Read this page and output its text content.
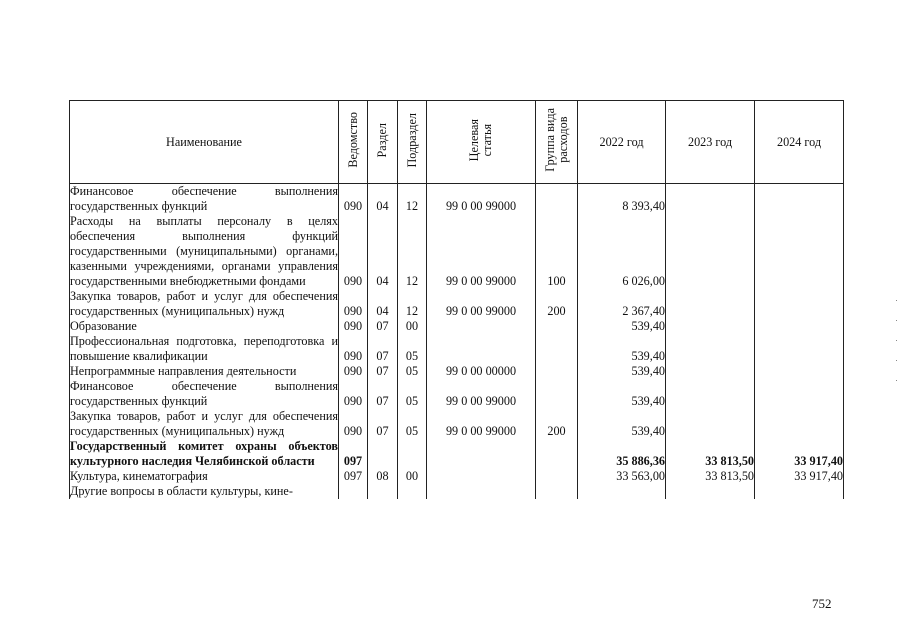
Наименование	Ведомство	Раздел	Подраздел	Целевая
статья	Группа вида
расходов	2022 год	2023 год	2024 год
Финансовое обеспечение выполнения государственных функций	090	04	12	99 0 00 99000		8 393,40		
Расходы на выплаты персоналу в целях обеспечения выполнения функций государственными (муниципальными) органами, казенными учреждениями, органами управления государственными внебюджетными фондами	090	04	12	99 0 00 99000	100	6 026,00		
Закупка товаров, работ и услуг для обеспечения государственных (муниципальных) нужд	090	04	12	99 0 00 99000	200	2 367,40		
Образование	090	07	00			539,40		
Профессиональная подготовка, переподготовка и повышение квалификации	090	07	05			539,40		
Непрограммные направления деятельности	090	07	05	99 0 00 00000		539,40		
Финансовое обеспечение выполнения государственных функций	090	07	05	99 0 00 99000		539,40		
Закупка товаров, работ и услуг для обеспечения государственных (муниципальных) нужд	090	07	05	99 0 00 99000	200	539,40		
Государственный комитет охраны объектов культурного наследия Челябинской области	097					35 886,36	33 813,50	33 917,40
Культура, кинематография	097	08	00			33 563,00	33 813,50	33 917,40
Другие вопросы в области культуры, кине-								
752
